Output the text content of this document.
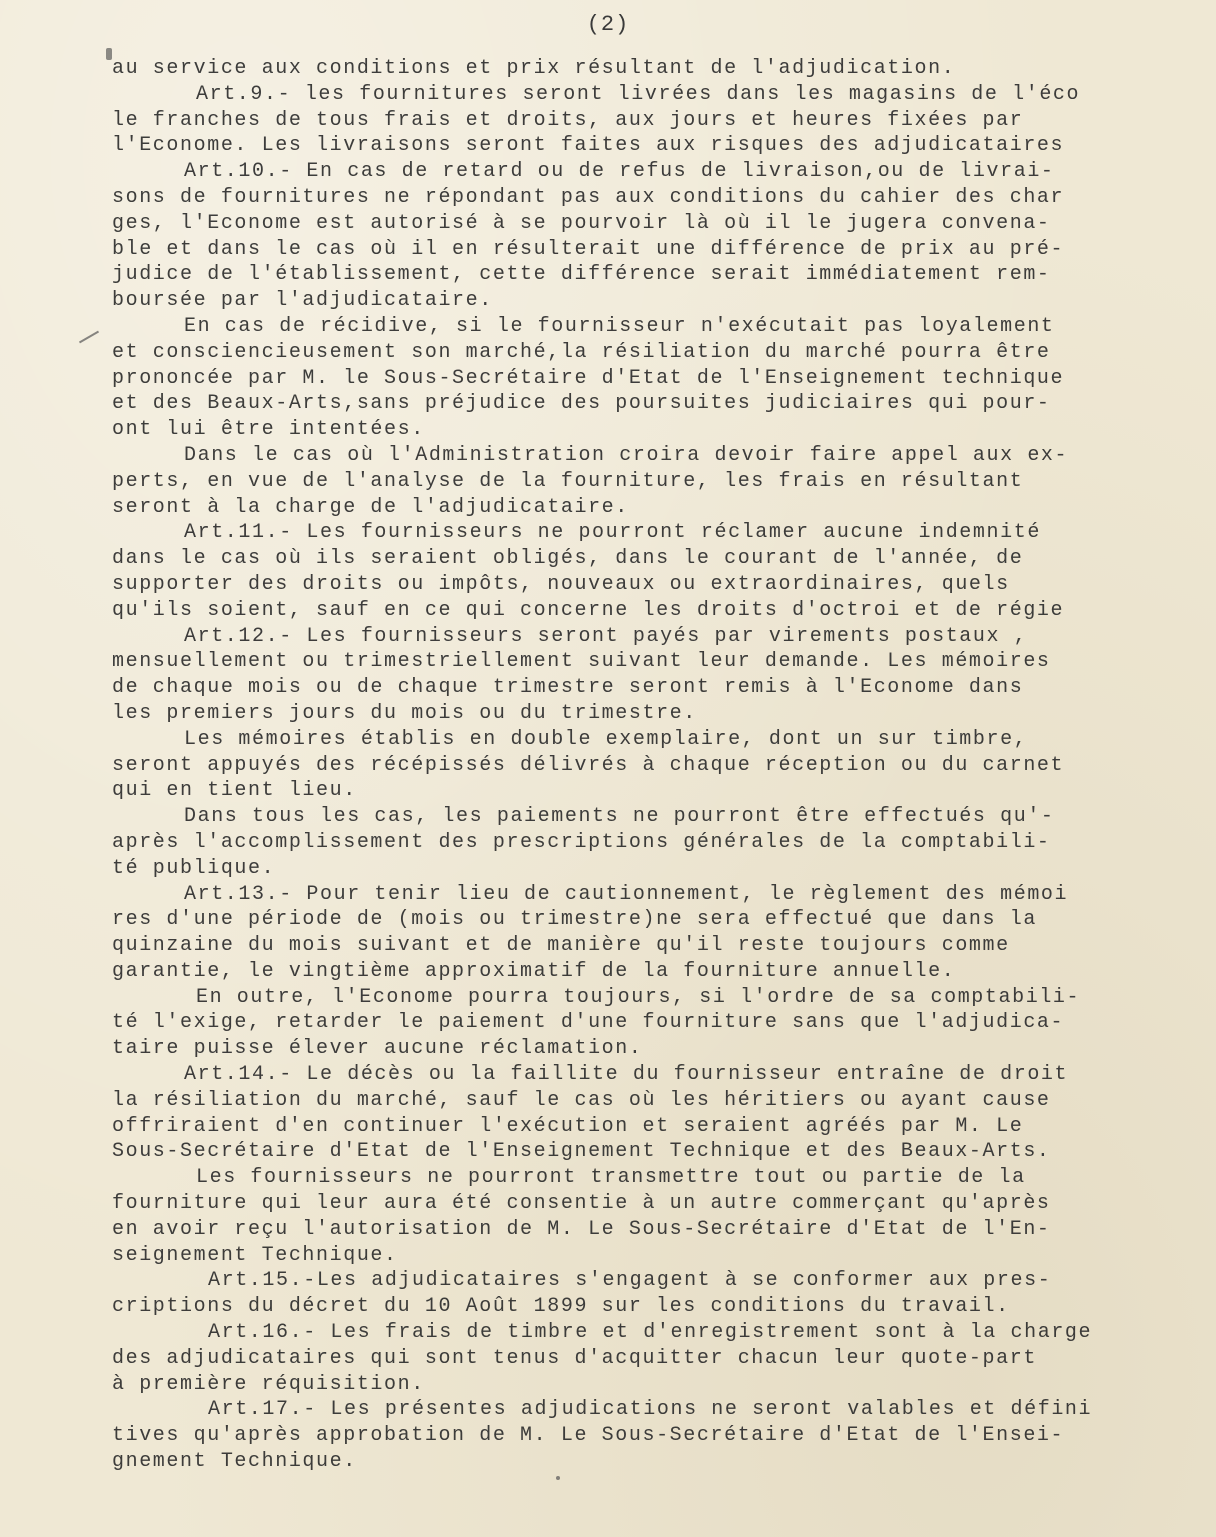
(2)
au service aux conditions et prix résultant de l'adjudication.
Art.9.- les fournitures seront livrées dans les magasins de l'éco
le franches de tous frais et droits, aux jours et heures fixées par
l'Econome. Les livraisons seront faites aux risques des adjudicataires
Art.10.- En cas de retard ou de refus de livraison,ou de livrai-
sons de fournitures ne répondant pas aux conditions du cahier des char
ges, l'Econome est autorisé à se pourvoir là où il le jugera convena-
ble et dans le cas où il en résulterait une différence de prix au pré-
judice de l'établissement, cette différence serait immédiatement rem-
boursée par l'adjudicataire.
En cas de récidive, si le fournisseur n'exécutait pas loyalement
et consciencieusement son marché,la résiliation du marché pourra être
prononcée par M. le Sous-Secrétaire d'Etat de l'Enseignement technique
et des Beaux-Arts,sans préjudice des poursuites judiciaires qui pour-
ont lui être intentées.
Dans le cas où l'Administration croira devoir faire appel aux ex-
perts, en vue de l'analyse de la fourniture, les frais en résultant
seront à la charge de l'adjudicataire.
Art.11.- Les fournisseurs ne pourront réclamer aucune indemnité
dans le cas où ils seraient obligés, dans le courant de l'année, de
supporter des droits ou impôts, nouveaux ou extraordinaires, quels
qu'ils soient, sauf en ce qui concerne les droits d'octroi et de régie
Art.12.- Les fournisseurs seront payés par virements postaux ,
mensuellement ou trimestriellement suivant leur demande. Les mémoires
de chaque mois ou de chaque trimestre seront remis à l'Econome dans
les premiers jours du mois ou du trimestre.
Les mémoires établis en double exemplaire, dont un sur timbre,
seront appuyés des récépissés délivrés à chaque réception ou du carnet
qui en tient lieu.
Dans tous les cas, les paiements ne pourront être effectués qu'-
après l'accomplissement des prescriptions générales de la comptabili-
té publique.
Art.13.- Pour tenir lieu de cautionnement, le règlement des mémoi
res d'une période de (mois ou trimestre)ne sera effectué que dans la
quinzaine du mois suivant et de manière qu'il reste toujours comme
garantie, le vingtième approximatif de la fourniture annuelle.
En outre, l'Econome pourra toujours, si l'ordre de sa comptabili-
té l'exige, retarder le paiement d'une fourniture sans que l'adjudica-
taire puisse élever aucune réclamation.
Art.14.- Le décès ou la faillite du fournisseur entraîne de droit
la résiliation du marché, sauf le cas où les héritiers ou ayant cause
offriraient d'en continuer l'exécution et seraient agréés par M. Le
Sous-Secrétaire d'Etat de l'Enseignement Technique et des Beaux-Arts.
Les fournisseurs ne pourront transmettre tout ou partie de la
fourniture qui leur aura été consentie à un autre commerçant qu'après
en avoir reçu l'autorisation de M. Le Sous-Secrétaire d'Etat de l'En-
seignement Technique.
Art.15.-Les adjudicataires s'engagent à se conformer aux pres-
criptions du décret du 10 Août 1899 sur les conditions du travail.
Art.16.- Les frais de timbre et d'enregistrement sont à la charge
des adjudicataires qui sont tenus d'acquitter chacun leur quote-part
à première réquisition.
Art.17.- Les présentes adjudications ne seront valables et défini
tives qu'après approbation de M. Le Sous-Secrétaire d'Etat de l'Ensei-
gnement Technique.
